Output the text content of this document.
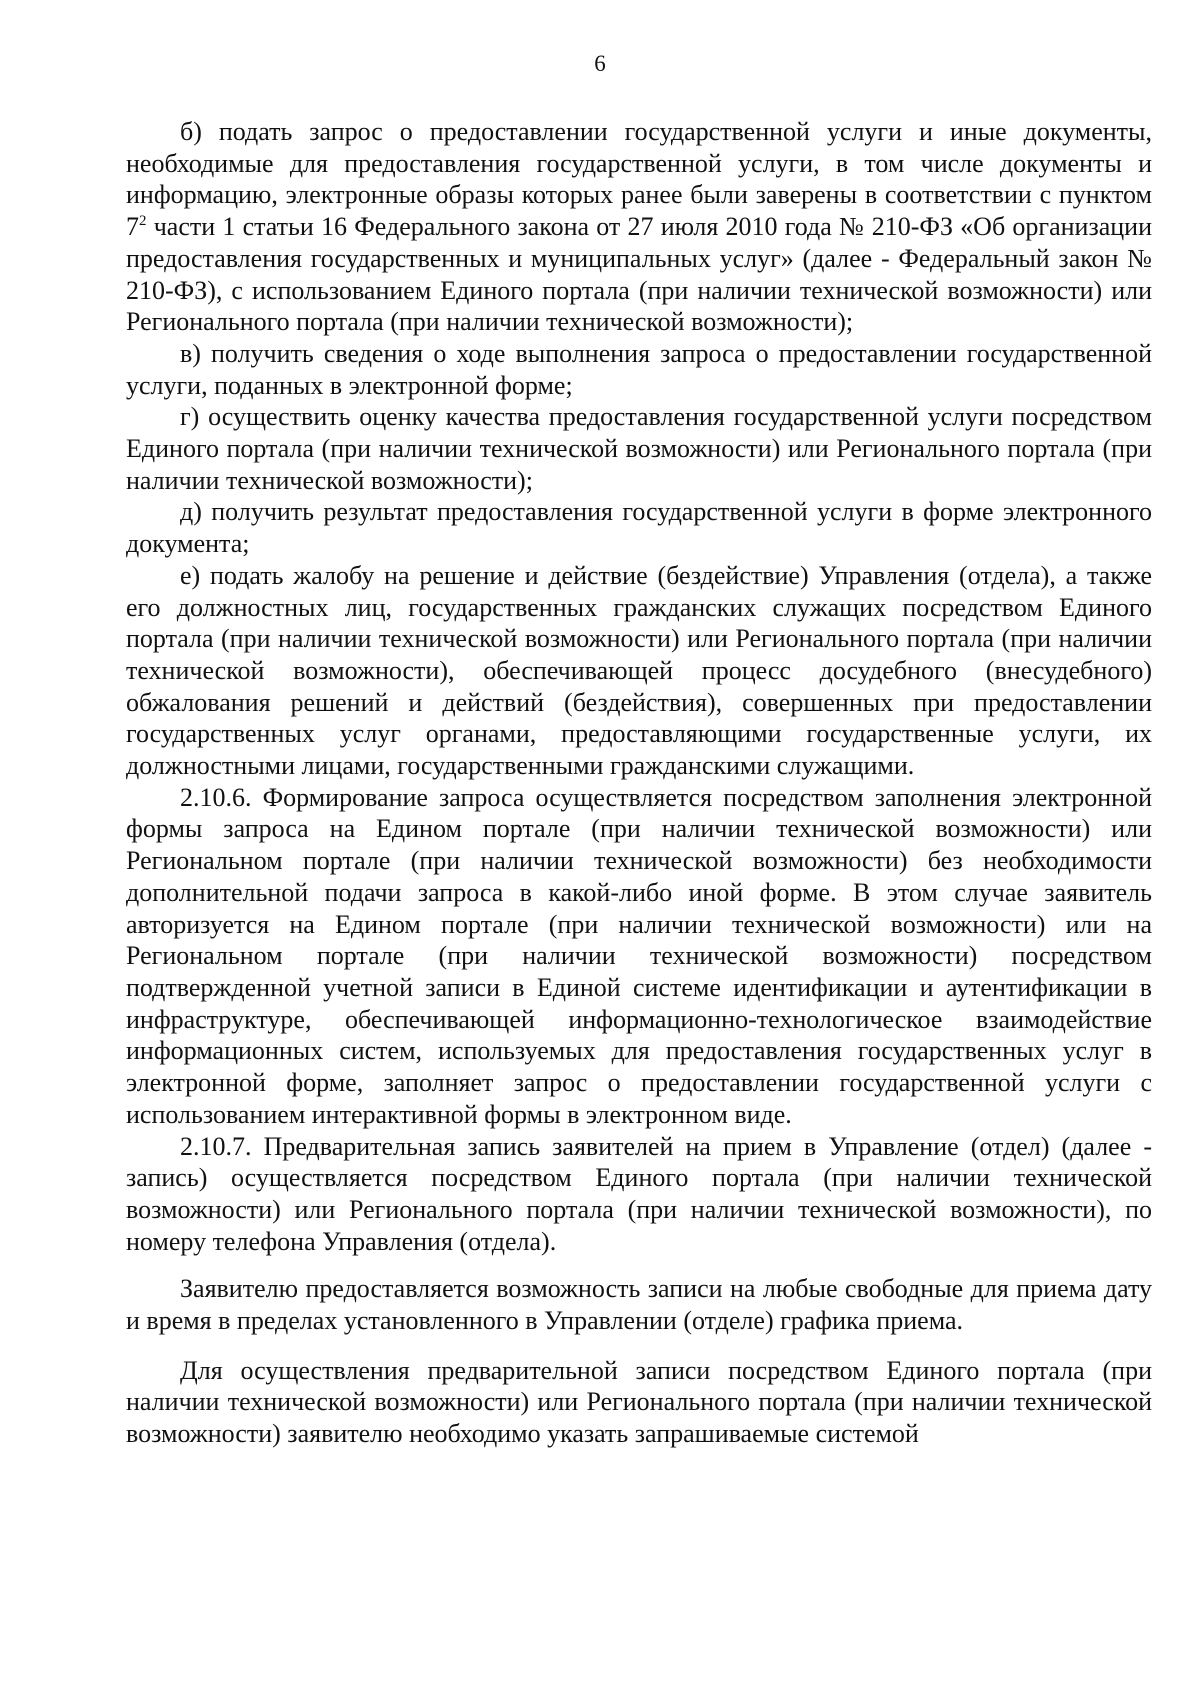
6

б) подать запрос о предоставлении государственной услуги и иные документы, необходимые для предоставления государственной услуги, в том числе документы и информацию, электронные образы которых ранее были заверены в соответствии с пунктом $7^2$ части 1 статьи 16 Федерального закона от 27 июля 2010 года № 210-ФЗ «Об организации предоставления государственных и муниципальных услуг» (далее - Федеральный закон № 210-ФЗ), с использованием Единого портала (при наличии технической возможности) или Регионального портала (при наличии технической возможности);

в) получить сведения о ходе выполнения запроса о предоставлении государственной услуги, поданных в электронной форме;

г) осуществить оценку качества предоставления государственной услуги посредством Единого портала (при наличии технической возможности) или Регионального портала (при наличии технической возможности);

д) получить результат предоставления государственной услуги в форме электронного документа;

е) подать жалобу на решение и действие (бездействие) Управления (отдела), а также его должностных лиц, государственных гражданских служащих посредством Единого портала (при наличии технической возможности) или Регионального портала (при наличии технической возможности), обеспечивающей процесс досудебного (внесудебного) обжалования решений и действий (бездействия), совершенных при предоставлении государственных услуг органами, предоставляющими государственные услуги, их должностными лицами, государственными гражданскими служащими.

2.10.6. Формирование запроса осуществляется посредством заполнения электронной формы запроса на Едином портале (при наличии технической возможности) или Региональном портале (при наличии технической возможности) без необходимости дополнительной подачи запроса в какой-либо иной форме. В этом случае заявитель авторизуется на Едином портале (при наличии технической возможности) или на Региональном портале (при наличии технической возможности) посредством подтвержденной учетной записи в Единой системе идентификации и аутентификации в инфраструктуре, обеспечивающей информационно-технологическое взаимодействие информационных систем, используемых для предоставления государственных услуг в электронной форме, заполняет запрос о предоставлении государственной услуги с использованием интерактивной формы в электронном виде.

2.10.7. Предварительная запись заявителей на прием в Управление (отдел) (далее - запись) осуществляется посредством Единого портала (при наличии технической возможности) или Регионального портала (при наличии технической возможности), по номеру телефона Управления (отдела).

Заявителю предоставляется возможность записи на любые свободные для приема дату и время в пределах установленного в Управлении (отделе) графика приема.

Для осуществления предварительной записи посредством Единого портала (при наличии технической возможности) или Регионального портала (при наличии технической возможности) заявителю необходимо указать запрашиваемые системой
